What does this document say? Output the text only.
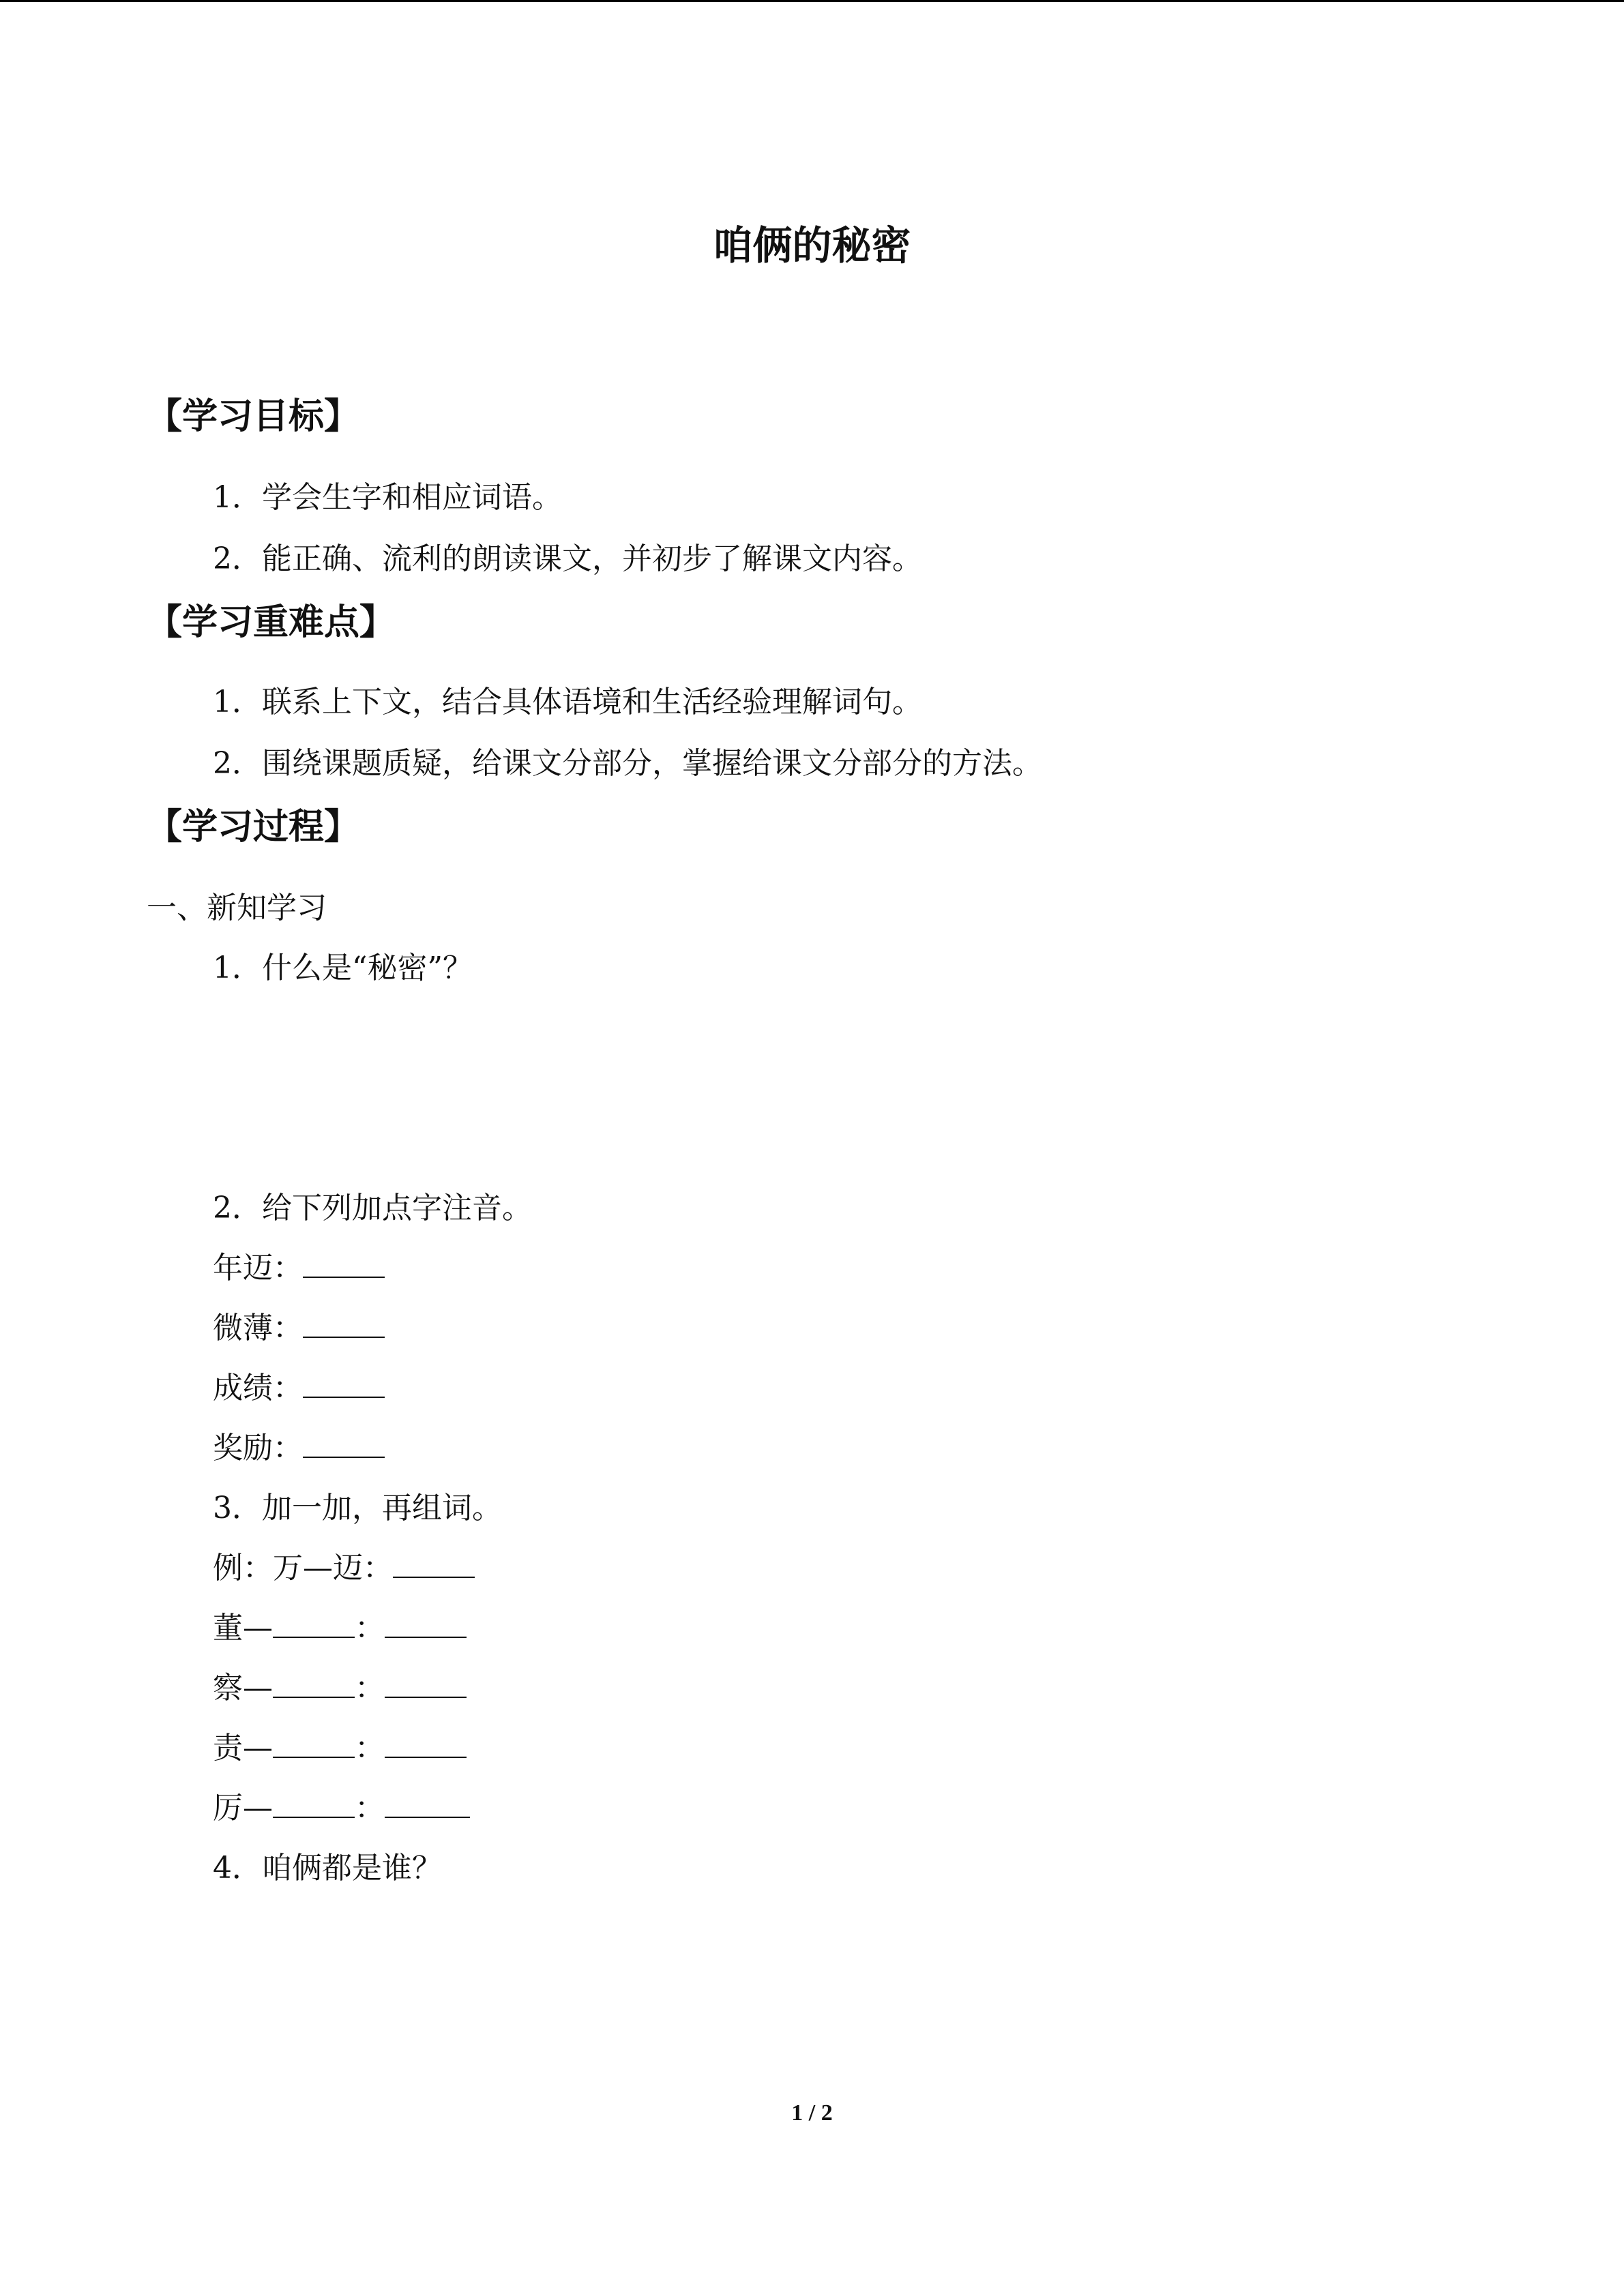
咱俩的秘密
【学习目标】
1．学会生字和相应词语。
2．能正确、流利的朗读课文，并初步了解课文内容。
【学习重难点】
1．联系上下文，结合具体语境和生活经验理解词句。
2．围绕课题质疑，给课文分部分，掌握给课文分部分的方法。
【学习过程】
一、新知学习
1．什么是“秘密”？
2．给下列加点字注音。
年迈：
微薄：
成绩：
奖励：
3．加一加，再组词。
例：万—迈：
董—	：
察—	：
责—	：
厉—	：
4．咱俩都是谁？
1 / 2
